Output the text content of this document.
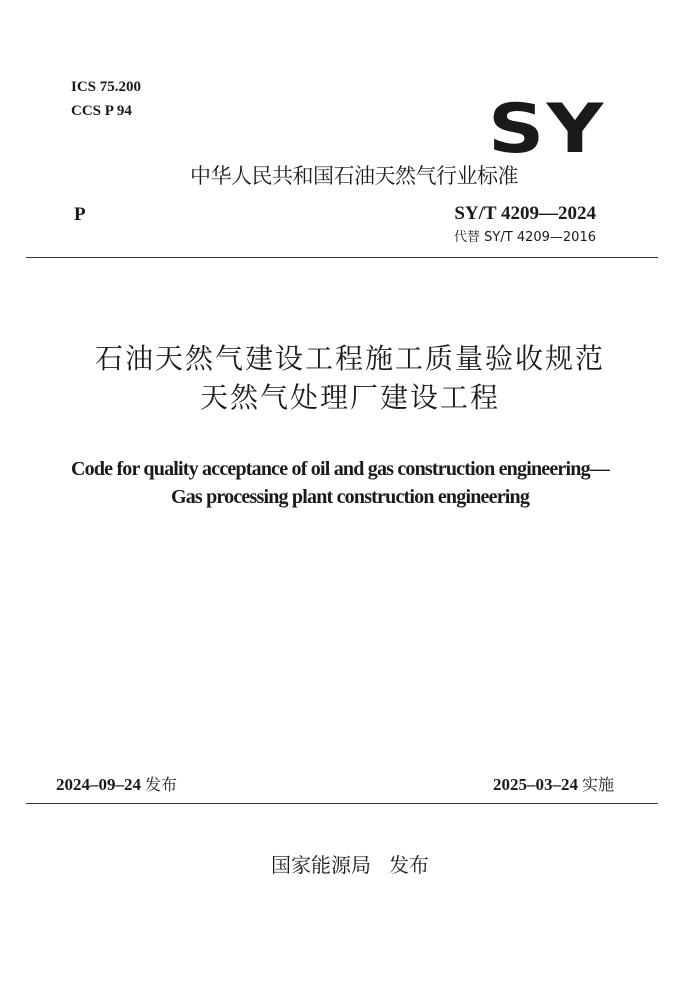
ICS 75.200
CCS P 94	SY
中华人民共和国石油天然气行业标准
P	SY/T 4209—2024
代替 SY/T 4209—2016
石油天然气建设工程施工质量验收规范
天然气处理厂建设工程
Code for quality acceptance of oil and gas construction engineering—
Gas processing plant construction engineering
2024–09–24 发布	2025–03–24 实施
国家能源局 发布
